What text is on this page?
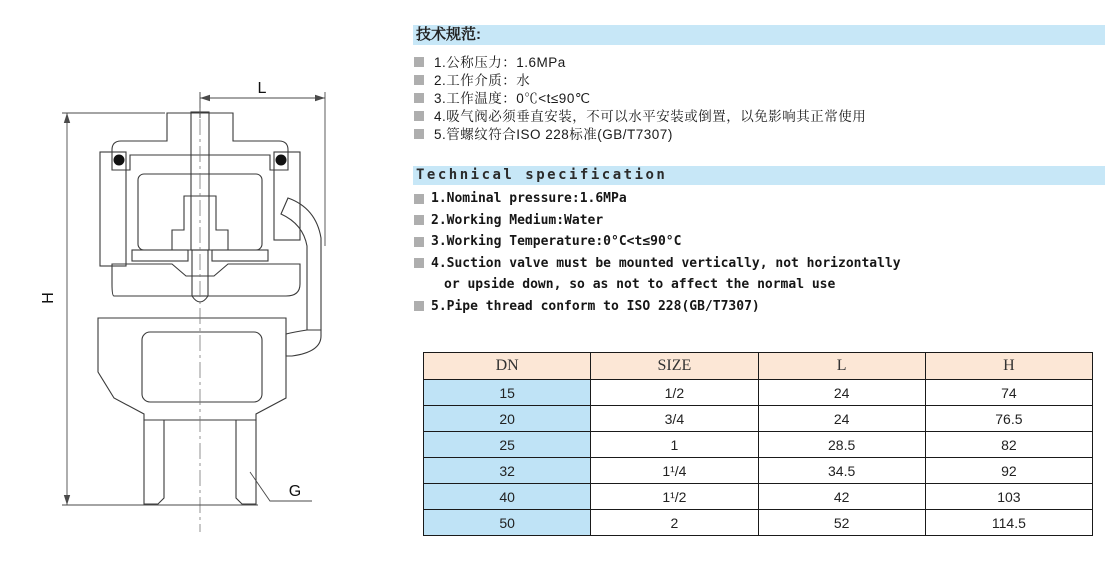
L
H
G
技术规范:
1.公称压力：1.6MPa
2.工作介质：水
3.工作温度：0℃<t≤90℃
4.吸气阀必须垂直安装，不可以水平安装或倒置，以免影响其正常使用
5.管螺纹符合ISO 228标准(GB/T7307)
Technical specification
1.Nominal pressure:1.6MPa
2.Working Medium:Water
3.Working Temperature:0°C<t≤90°C
4.Suction valve must be mounted vertically, not horizontally
or upside down, so as not to affect the normal use
5.Pipe thread conform to ISO 228(GB/T7307)
DN	SIZE	L	H
15	1/2	24	74
20	3/4	24	76.5
25	1	28.5	82
32	1¹/4	34.5	92
40	1¹/2	42	103
50	2	52	114.5
